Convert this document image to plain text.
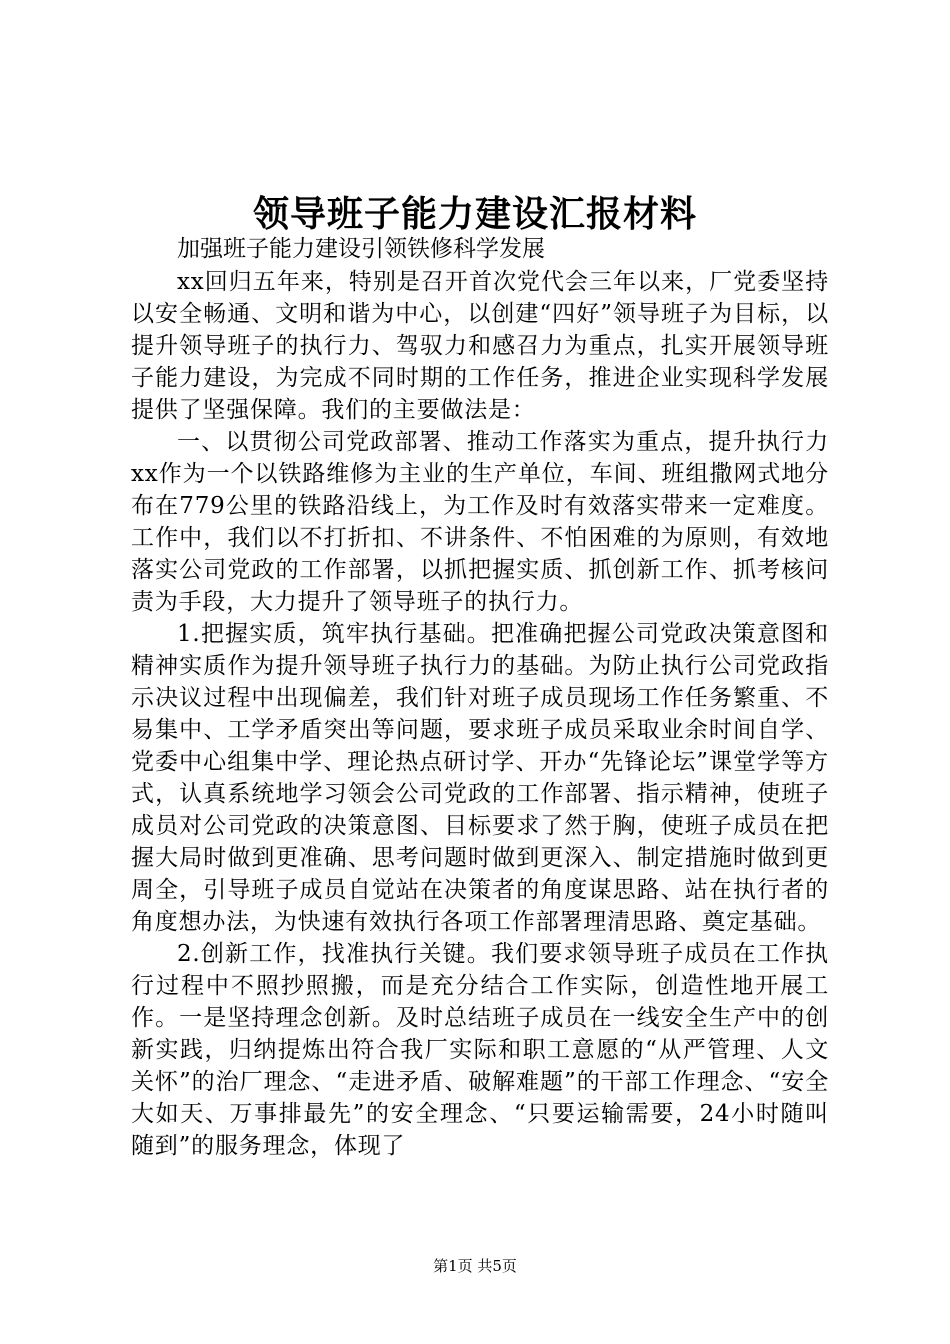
领导班子能力建设汇报材料

加强班子能力建设引领铁修科学发展

xx回归五年来，特别是召开首次党代会三年以来，厂党委坚持以安全畅通、文明和谐为中心，以创建“四好”领导班子为目标，以提升领导班子的执行力、驾驭力和感召力为重点，扎实开展领导班子能力建设，为完成不同时期的工作任务，推进企业实现科学发展提供了坚强保障。我们的主要做法是：

一、以贯彻公司党政部署、推动工作落实为重点，提升执行力xx作为一个以铁路维修为主业的生产单位，车间、班组撒网式地分布在779公里的铁路沿线上，为工作及时有效落实带来一定难度。工作中，我们以不打折扣、不讲条件、不怕困难的为原则，有效地落实公司党政的工作部署，以抓把握实质、抓创新工作、抓考核问责为手段，大力提升了领导班子的执行力。

1.把握实质，筑牢执行基础。把准确把握公司党政决策意图和精神实质作为提升领导班子执行力的基础。为防止执行公司党政指示决议过程中出现偏差，我们针对班子成员现场工作任务繁重、不易集中、工学矛盾突出等问题，要求班子成员采取业余时间自学、党委中心组集中学、理论热点研讨学、开办“先锋论坛”课堂学等方式，认真系统地学习领会公司党政的工作部署、指示精神，使班子成员对公司党政的决策意图、目标要求了然于胸，使班子成员在把握大局时做到更准确、思考问题时做到更深入、制定措施时做到更周全，引导班子成员自觉站在决策者的角度谋思路、站在执行者的角度想办法，为快速有效执行各项工作部署理清思路、奠定基础。

2.创新工作，找准执行关键。我们要求领导班子成员在工作执行过程中不照抄照搬，而是充分结合工作实际，创造性地开展工作。一是坚持理念创新。及时总结班子成员在一线安全生产中的创新实践，归纳提炼出符合我厂实际和职工意愿的“从严管理、人文关怀”的治厂理念、“走进矛盾、破解难题”的干部工作理念、“安全大如天、万事排最先”的安全理念、“只要运输需要，24小时随叫随到”的服务理念，体现了

第1页 共5页
